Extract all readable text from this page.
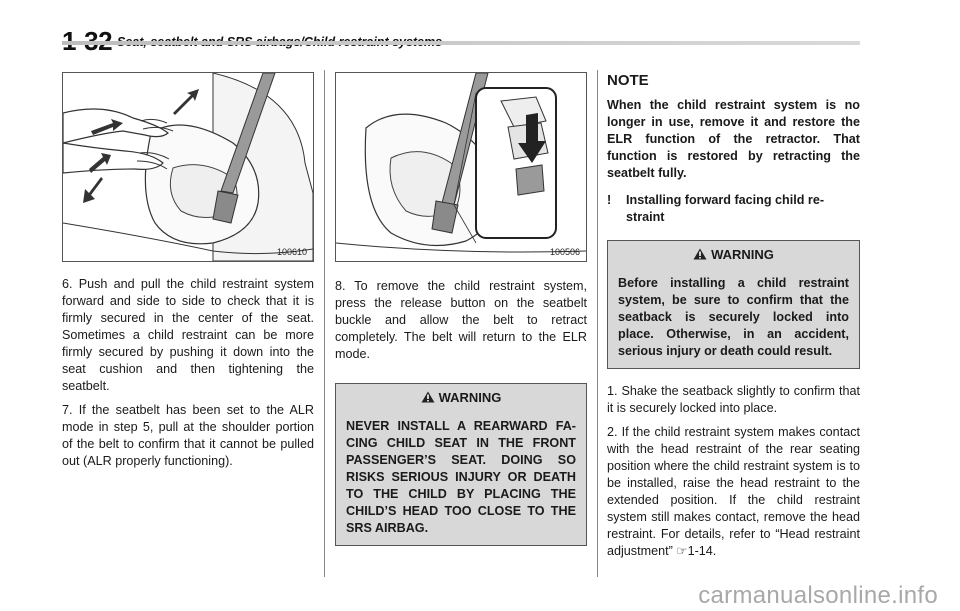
100610

6. Push and pull the child restraint system forward and side to side to check that it is firmly secured in the center of the seat. Sometimes a child restraint can be more firmly secured by pushing it down into the seat cushion and then tightening the seatbelt.

7. If the seatbelt has been set to the ALR mode in step 5, pull at the shoulder portion of the belt to confirm that it cannot be pulled out (ALR properly functioning).

100506

8. To remove the child restraint system, press the release button on the seatbelt buckle and allow the belt to retract completely. The belt will return to the ELR mode.

WARNING
NEVER INSTALL A REARWARD FA-CING CHILD SEAT IN THE FRONT PASSENGER’S SEAT. DOING SO RISKS SERIOUS INJURY OR DEATH TO THE CHILD BY PLACING THE CHILD’S HEAD TOO CLOSE TO THE SRS AIRBAG.
NOTE

When the child restraint system is no longer in use, remove it and restore the ELR function of the retractor. That function is restored by retracting the seatbelt fully.

!	Installing forward facing child re-straint
WARNING
Before installing a child restraint system, be sure to confirm that the seatback is securely locked into place. Otherwise, in an accident, serious injury or death could result.

1. Shake the seatback slightly to confirm that it is securely locked into place.

2. If the child restraint system makes contact with the head restraint of the rear seating position where the child restraint system is to be installed, raise the head restraint to the extended position. If the child restraint system still makes contact, remove the head restraint. For details, refer to “Head restraint adjustment” ☞1-14.

carmanualsonline.info
